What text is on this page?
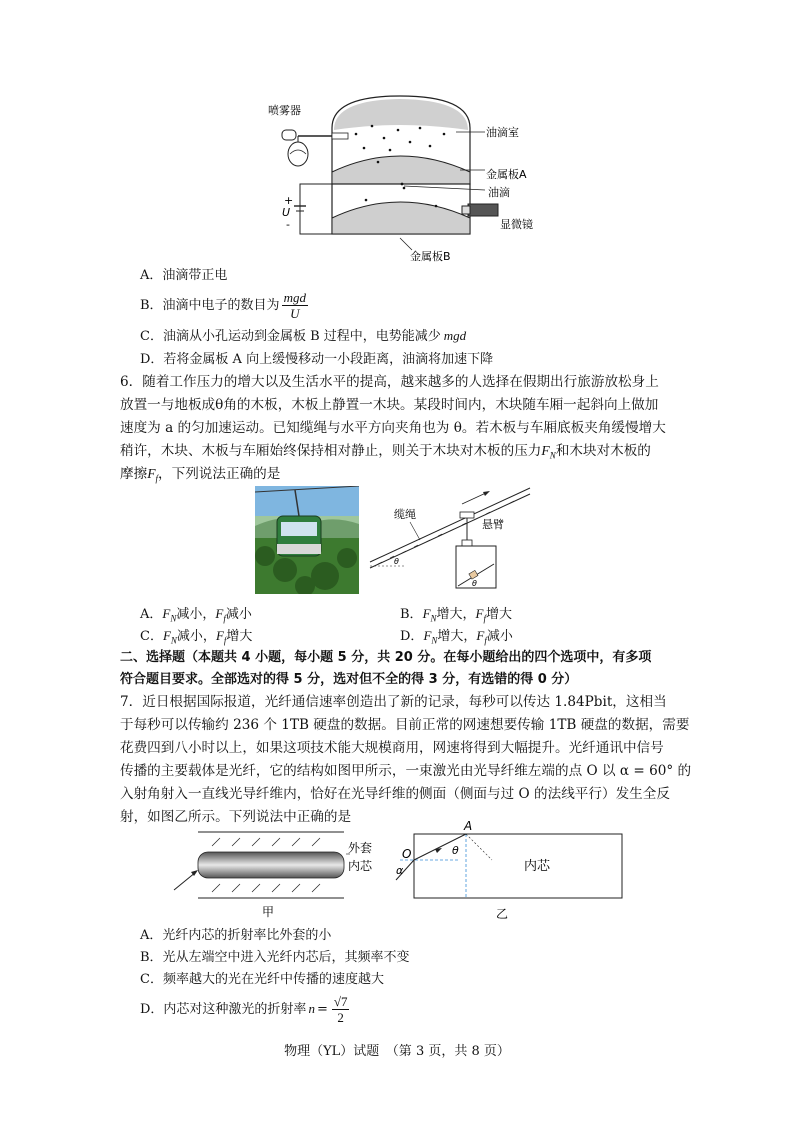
喷雾器
油滴室
金属板A
油滴
显微镜
金属板B
+
U
-
A．油滴带正电
B．油滴中电子的数目为 $\frac{\text{mgd}}{U}$
C．油滴从小孔运动到金属板 B 过程中，电势能减少 mgd
D．若将金属板 A 向上缓慢移动一小段距离，油滴将加速下降
6．随着工作压力的增大以及生活水平的提高，越来越多的人选择在假期出行旅游放松身上
放置一与地板成θ角的木板，木板上静置一木块。某段时间内，木块随车厢一起斜向上做加
速度为 a 的匀加速运动。已知缆绳与水平方向夹角也为 θ。若木板与车厢底板夹角缓慢增大
稍许，木块、木板与车厢始终保持相对静止，则关于木块对木板的压力$F_N$和木块对木板的
摩擦$F_f$，下列说法正确的是
θ
θ
缆绳
悬臂
A．$F_N$减小，$F_f$减小	B．$F_N$增大，$F_f$增大
C．$F_N$减小，$F_f$增大	D．$F_N$增大，$F_f$减小
二、选择题（本题共 4 小题，每小题 5 分，共 20 分。在每小题给出的四个选项中，有多项
符合题目要求。全部选对的得 5 分，选对但不全的得 3 分，有选错的得 0 分）
7．近日根据国际报道，光纤通信速率创造出了新的记录，每秒可以传达 1.84Pbit，这相当
于每秒可以传输约 236 个 1TB 硬盘的数据。目前正常的网速想要传输 1TB 硬盘的数据，需要
花费四到八小时以上，如果这项技术能大规模商用，网速将得到大幅提升。光纤通讯中信号
传播的主要载体是光纤，它的结构如图甲所示，一束激光由光导纤维左端的点 O 以 α = 60° 的
入射角射入一直线光导纤维内，恰好在光导纤维的侧面（侧面与过 O 的法线平行）发生全反
射，如图乙所示。下列说法中正确的是
外套
内芯
甲
A
O	θ
α	内芯
乙
A．光纤内芯的折射率比外套的小
B．光从左端空中进入光纤内芯后，其频率不变
C．频率越大的光在光纤中传播的速度越大
D．内芯对这种激光的折射率 $n = \frac{√7}{2}$
物理（YL）试题　（第 3 页，共 8 页）
